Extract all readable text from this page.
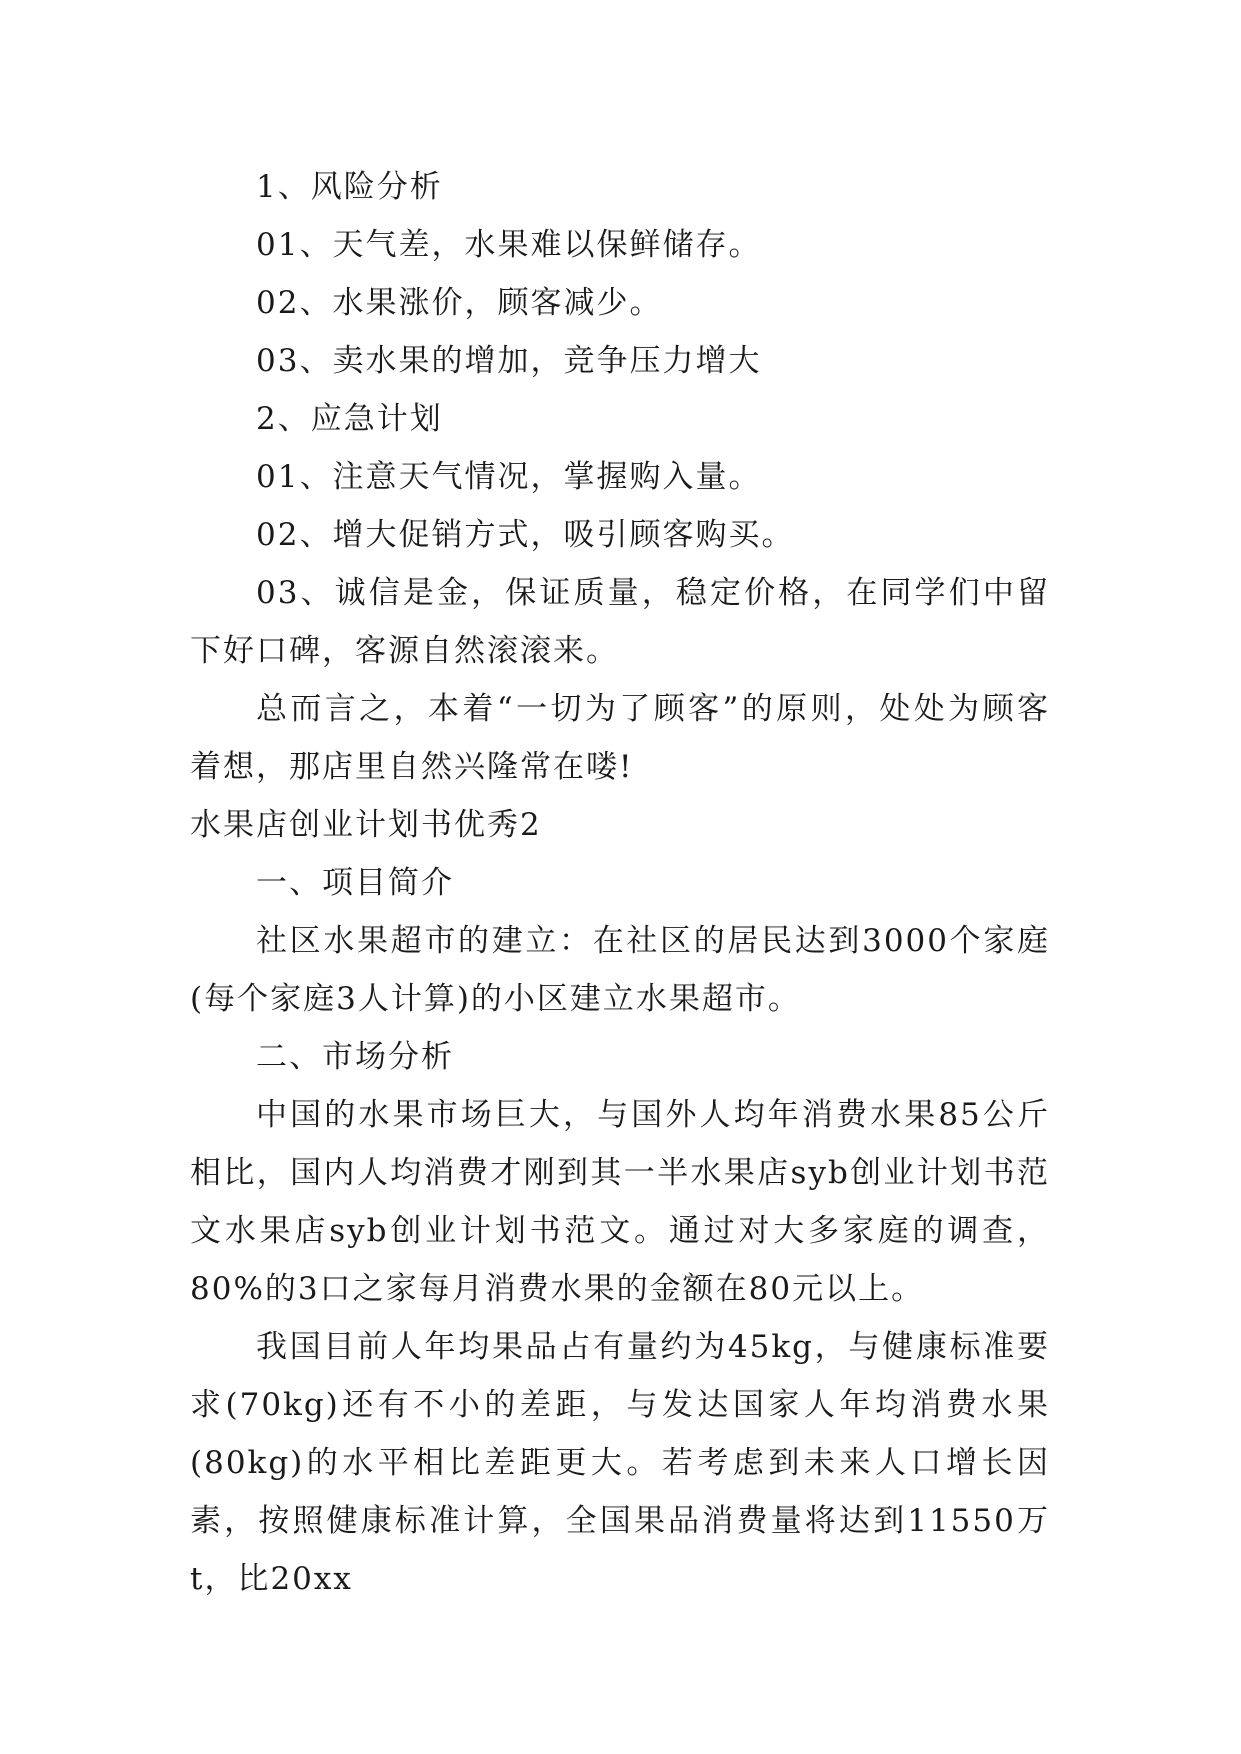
1、风险分析

01、天气差，水果难以保鲜储存。

02、水果涨价，顾客减少。

03、卖水果的增加，竞争压力增大

2、应急计划

01、注意天气情况，掌握购入量。

02、增大促销方式，吸引顾客购买。

03、诚信是金，保证质量，稳定价格，在同学们中留下好口碑，客源自然滚滚来。

总而言之，本着“一切为了顾客”的原则，处处为顾客着想，那店里自然兴隆常在喽!

水果店创业计划书优秀2

一、项目简介

社区水果超市的建立：在社区的居民达到3000个家庭(每个家庭3人计算)的小区建立水果超市。

二、市场分析

中国的水果市场巨大，与国外人均年消费水果85公斤相比，国内人均消费才刚到其一半水果店syb创业计划书范文水果店syb创业计划书范文。通过对大多家庭的调查，80%的3口之家每月消费水果的金额在80元以上。

我国目前人年均果品占有量约为45kg，与健康标准要求(70kg)还有不小的差距，与发达国家人年均消费水果(80kg)的水平相比差距更大。若考虑到未来人口增长因素，按照健康标准计算，全国果品消费量将达到11550万t，比20xx
